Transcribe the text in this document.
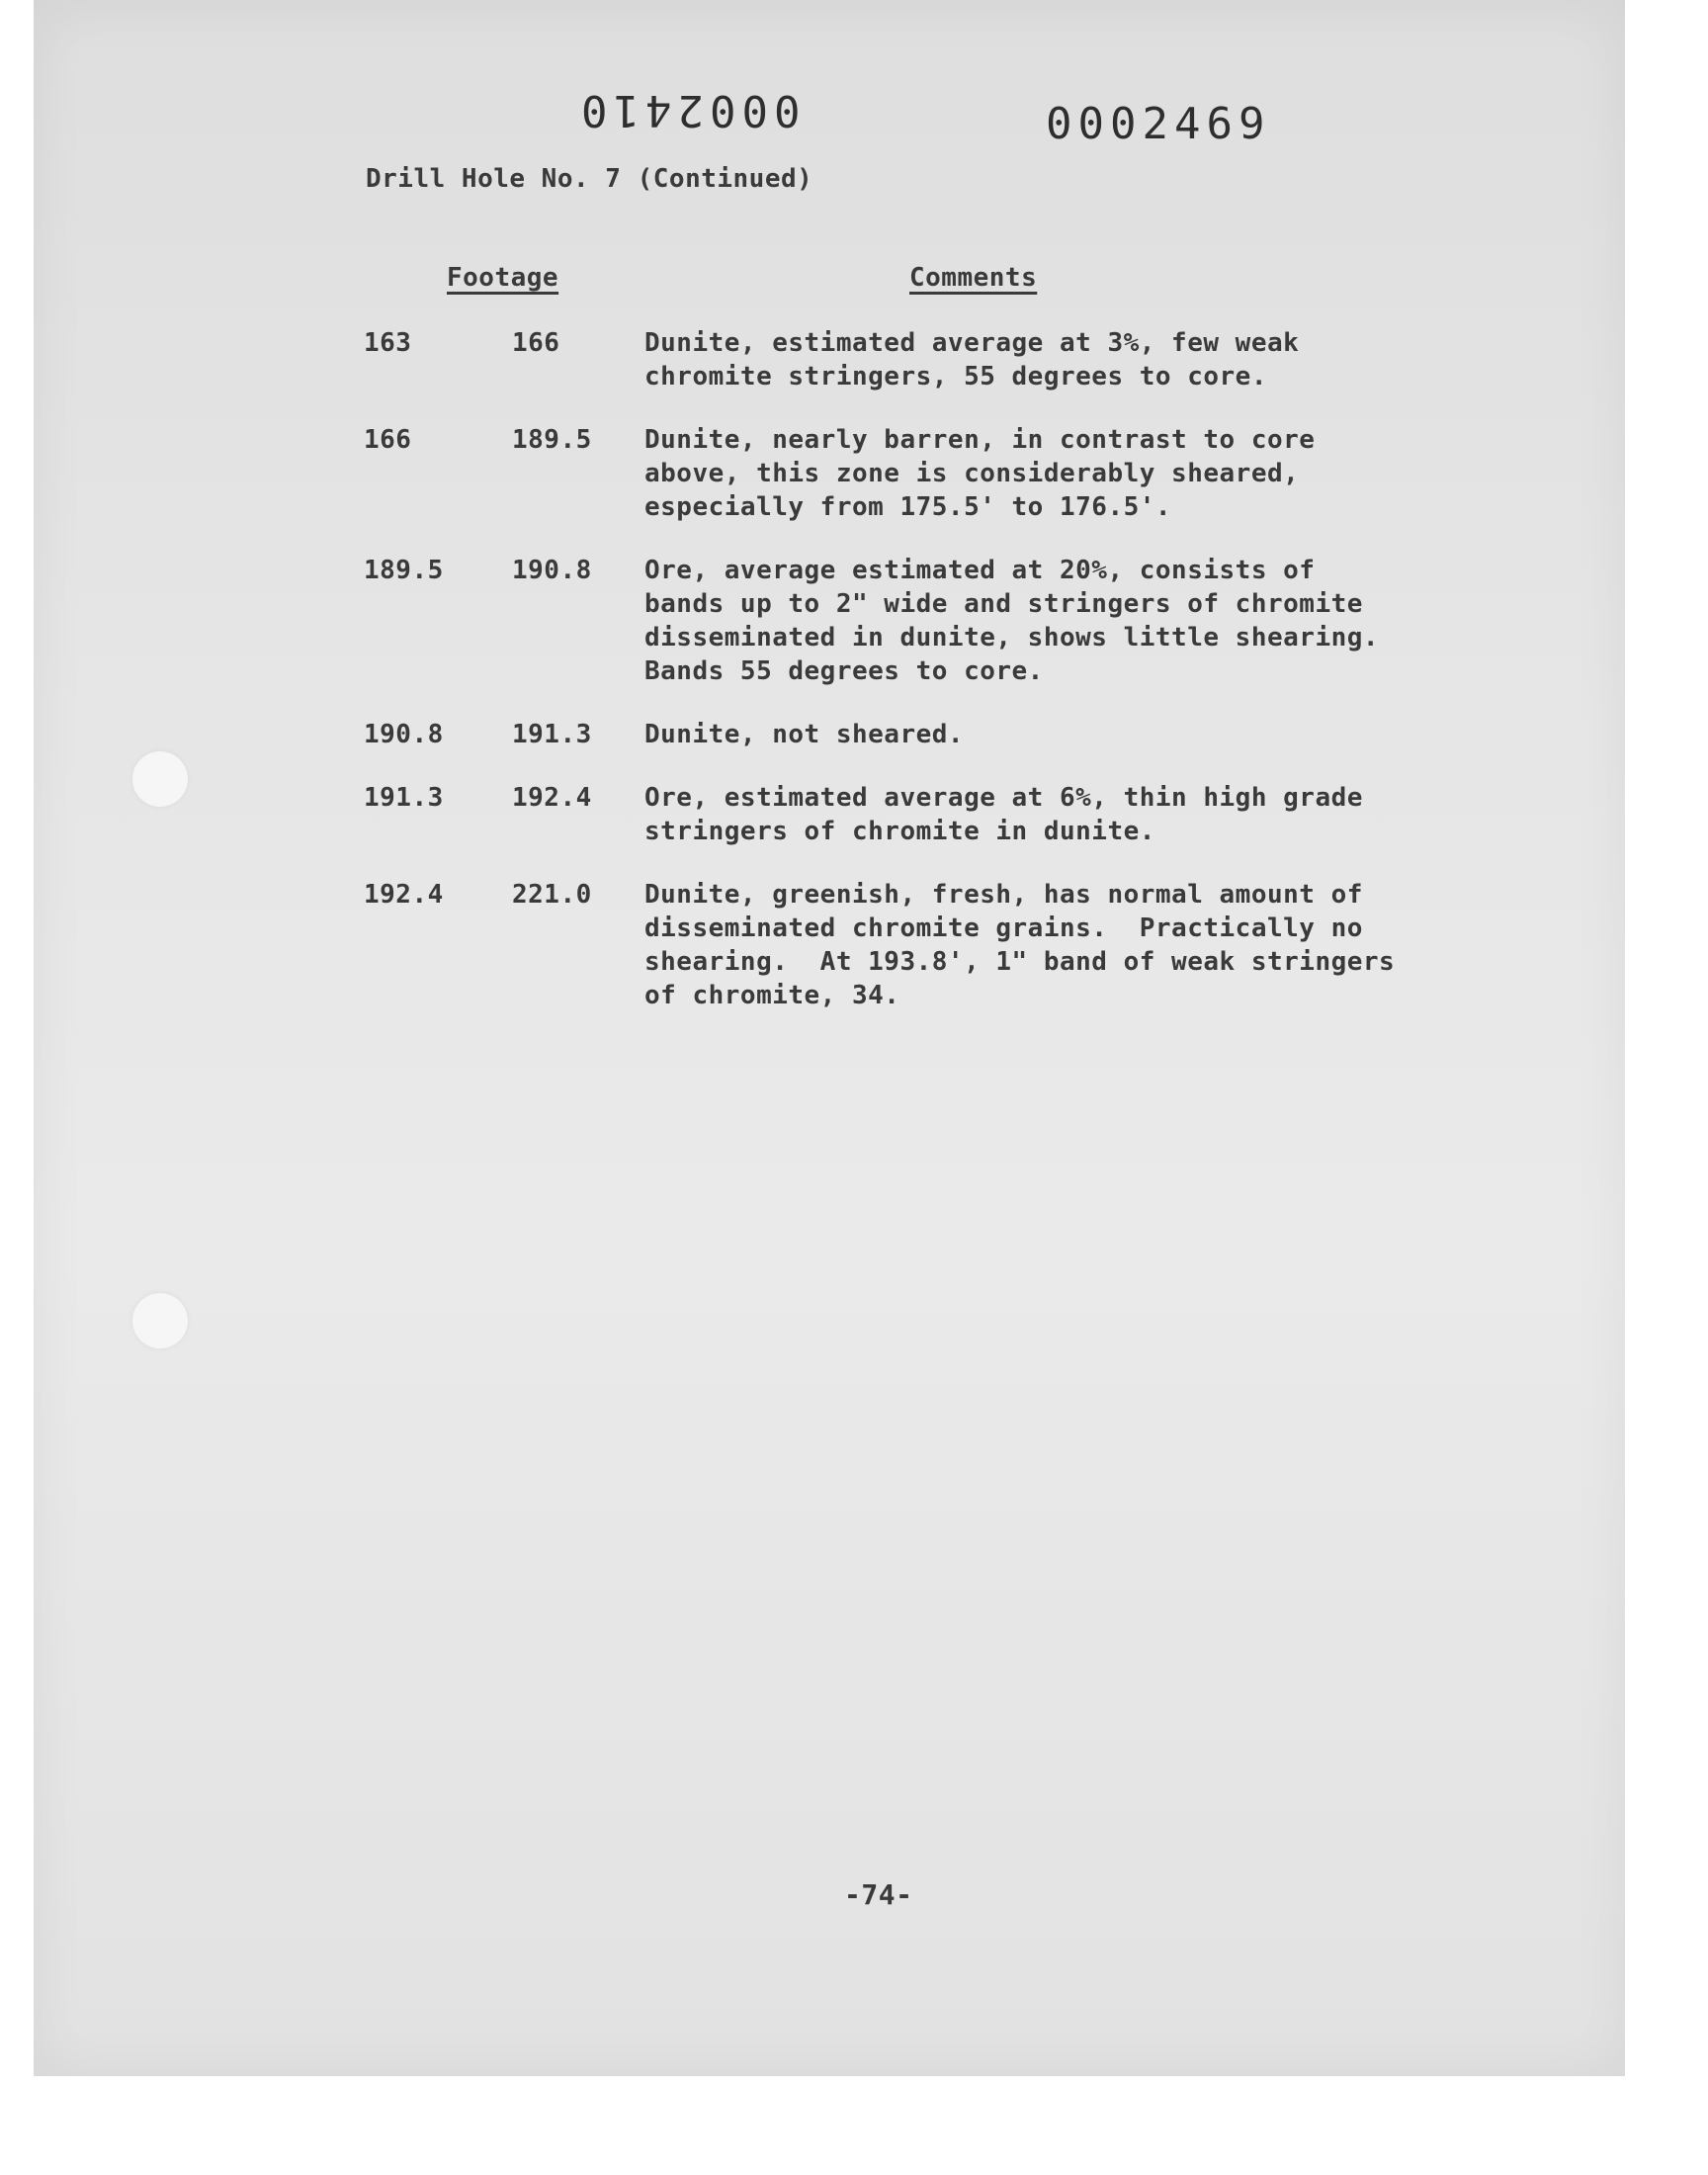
0002410	0002469
Drill Hole No. 7 (Continued)
Footage	Comments
163	166	Dunite, estimated average at 3%, few weak
chromite stringers, 55 degrees to core.
166	189.5	Dunite, nearly barren, in contrast to core
above, this zone is considerably sheared,
especially from 175.5' to 176.5'.
189.5	190.8	Ore, average estimated at 20%, consists of
bands up to 2" wide and stringers of chromite
disseminated in dunite, shows little shearing.
Bands 55 degrees to core.
190.8	191.3	Dunite, not sheared.
191.3	192.4	Ore, estimated average at 6%, thin high grade
stringers of chromite in dunite.
192.4	221.0	Dunite, greenish, fresh, has normal amount of
disseminated chromite grains.  Practically no
shearing.  At 193.8', 1" band of weak stringers
of chromite, 34.
-74-
